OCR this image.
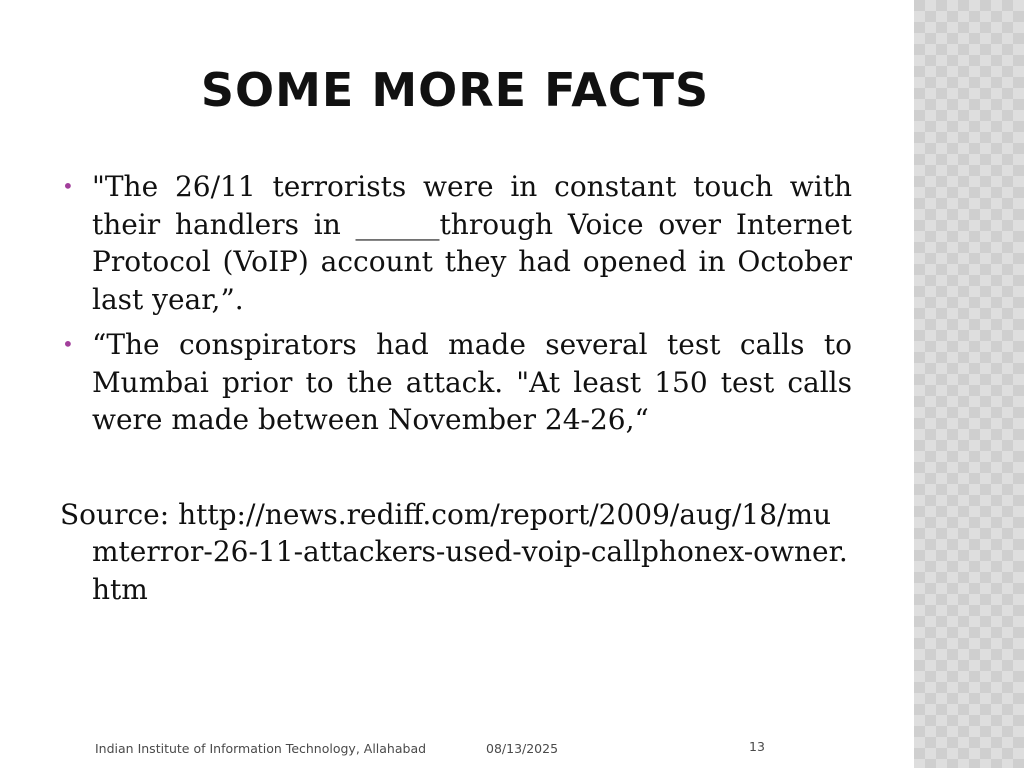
SOME MORE FACTS
• "The 26/11 terrorists were in constant touch with their handlers in ______through Voice over Internet Protocol (VoIP) account they had opened in October last year,”.
• “The conspirators had made several test calls to Mumbai prior to the attack. "At least 150 test calls were made between November 24-26,“
Source: http://news.rediff.com/report/2009/aug/18/mumterror-26-11-attackers-used-voip-callphonex-owner.htm
Indian Institute of Information Technology, Allahabad	08/13/2025	13
